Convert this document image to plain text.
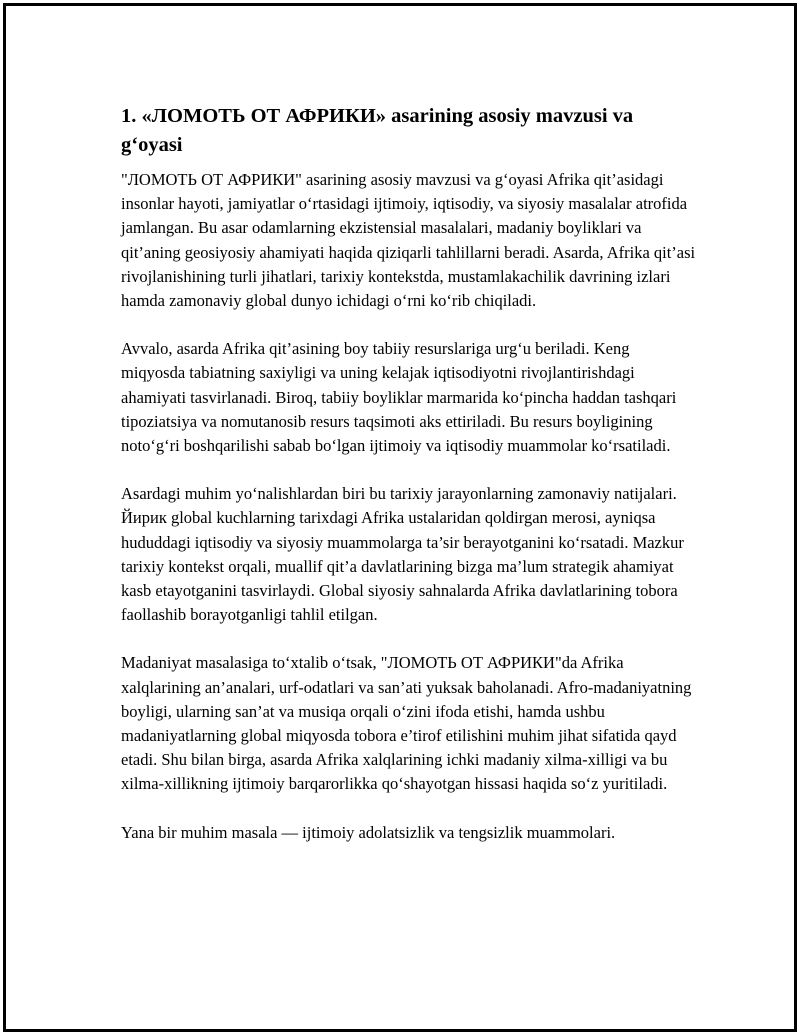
1. «ЛОМОТЬ ОТ АФРИКИ» asarining asosiy mavzusi va g‘oyasi

"ЛОМОТЬ ОТ АФРИКИ" asarining asosiy mavzusi va g‘oyasi Afrika qit’asidagi insonlar hayoti, jamiyatlar o‘rtasidagi ijtimoiy, iqtisodiy, va siyosiy masalalar atrofida jamlangan. Bu asar odamlarning ekzistensial masalalari, madaniy boyliklari va qit’aning geosiyosiy ahamiyati haqida qiziqarli tahlillarni beradi. Asarda, Afrika qit’asi rivojlanishining turli jihatlari, tarixiy kontekstda, mustamlakachilik davrining izlari hamda zamonaviy global dunyo ichidagi o‘rni ko‘rib chiqiladi.

Avvalo, asarda Afrika qit’asining boy tabiiy resurslariga urg‘u beriladi. Keng miqyosda tabiatning saxiyligi va uning kelajak iqtisodiyotni rivojlantirishdagi ahamiyati tasvirlanadi. Biroq, tabiiy boyliklar marmarida ko‘pincha haddan tashqari tipoziatsiya va nomutanosib resurs taqsimoti aks ettiriladi. Bu resurs boyligining noto‘g‘ri boshqarilishi sabab bo‘lgan ijtimoiy va iqtisodiy muammolar ko‘rsatiladi.

Asardagi muhim yo‘nalishlardan biri bu tarixiy jarayonlarning zamonaviy natijalari. Йирик global kuchlarning tarixdagi Afrika ustalaridan qoldirgan merosi, ayniqsa hududdagi iqtisodiy va siyosiy muammolarga ta’sir berayotganini ko‘rsatadi. Mazkur tarixiy kontekst orqali, muallif qit’a davlatlarining bizga ma’lum strategik ahamiyat kasb etayotganini tasvirlaydi. Global siyosiy sahnalarda Afrika davlatlarining tobora faollashib borayotganligi tahlil etilgan.

Madaniyat masalasiga to‘xtalib o‘tsak, "ЛОМОТЬ ОТ АФРИКИ"da Afrika xalqlarining an’analari, urf-odatlari va san’ati yuksak baholanadi. Afro-madaniyatning boyligi, ularning san’at va musiqa orqali o‘zini ifoda etishi, hamda ushbu madaniyatlarning global miqyosda tobora e’tirof etilishini muhim jihat sifatida qayd etadi. Shu bilan birga, asarda Afrika xalqlarining ichki madaniy xilma-xilligi va bu xilma-xillikning ijtimoiy barqarorlikka qo‘shayotgan hissasi haqida so‘z yuritiladi.

Yana bir muhim masala — ijtimoiy adolatsizlik va tengsizlik muammolari.
